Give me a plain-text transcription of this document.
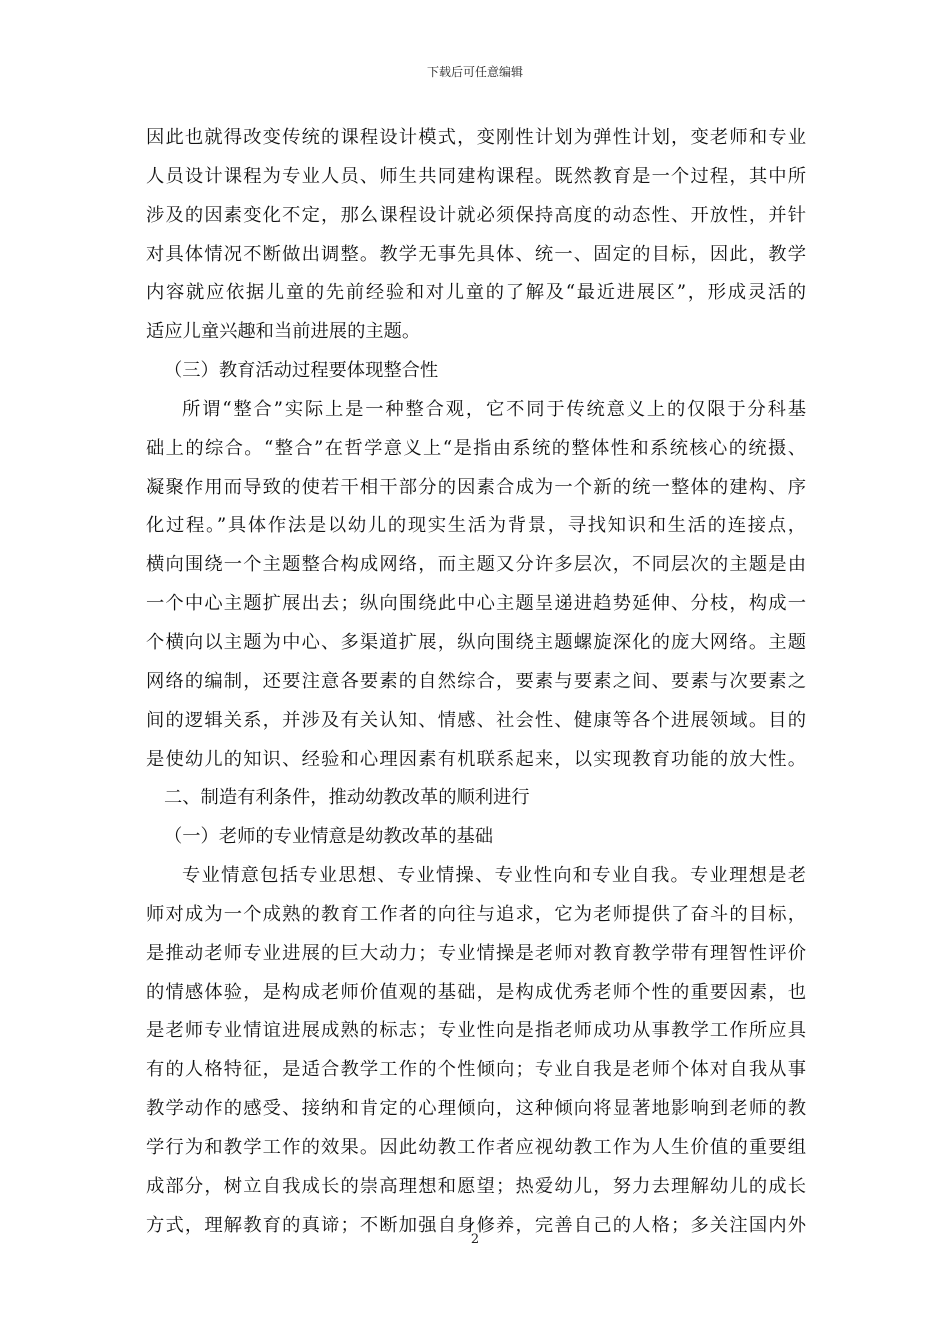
下载后可任意编辑
因此也就得改变传统的课程设计模式，变刚性计划为弹性计划，变老师和专业
人员设计课程为专业人员、师生共同建构课程。既然教育是一个过程，其中所
涉及的因素变化不定，那么课程设计就必须保持高度的动态性、开放性，并针
对具体情况不断做出调整。教学无事先具体、统一、固定的目标，因此，教学
内容就应依据儿童的先前经验和对儿童的了解及“最近进展区”，形成灵活的
适应儿童兴趣和当前进展的主题。
（三）教育活动过程要体现整合性
所谓“整合”实际上是一种整合观，它不同于传统意义上的仅限于分科基
础上的综合。“整合”在哲学意义上“是指由系统的整体性和系统核心的统摄、
凝聚作用而导致的使若干相干部分的因素合成为一个新的统一整体的建构、序
化过程。”具体作法是以幼儿的现实生活为背景，寻找知识和生活的连接点，
横向围绕一个主题整合构成网络，而主题又分许多层次，不同层次的主题是由
一个中心主题扩展出去；纵向围绕此中心主题呈递进趋势延伸、分枝，构成一
个横向以主题为中心、多渠道扩展，纵向围绕主题螺旋深化的庞大网络。主题
网络的编制，还要注意各要素的自然综合，要素与要素之间、要素与次要素之
间的逻辑关系，并涉及有关认知、情感、社会性、健康等各个进展领域。目的
是使幼儿的知识、经验和心理因素有机联系起来，以实现教育功能的放大性。
二、制造有利条件，推动幼教改革的顺利进行
（一）老师的专业情意是幼教改革的基础
专业情意包括专业思想、专业情操、专业性向和专业自我。专业理想是老
师对成为一个成熟的教育工作者的向往与追求，它为老师提供了奋斗的目标，
是推动老师专业进展的巨大动力；专业情操是老师对教育教学带有理智性评价
的情感体验，是构成老师价值观的基础，是构成优秀老师个性的重要因素，也
是老师专业情谊进展成熟的标志；专业性向是指老师成功从事教学工作所应具
有的人格特征，是适合教学工作的个性倾向；专业自我是老师个体对自我从事
教学动作的感受、接纳和肯定的心理倾向，这种倾向将显著地影响到老师的教
学行为和教学工作的效果。因此幼教工作者应视幼教工作为人生价值的重要组
成部分，树立自我成长的崇高理想和愿望；热爱幼儿，努力去理解幼儿的成长
方式，理解教育的真谛；不断加强自身修养，完善自己的人格；多关注国内外
2
